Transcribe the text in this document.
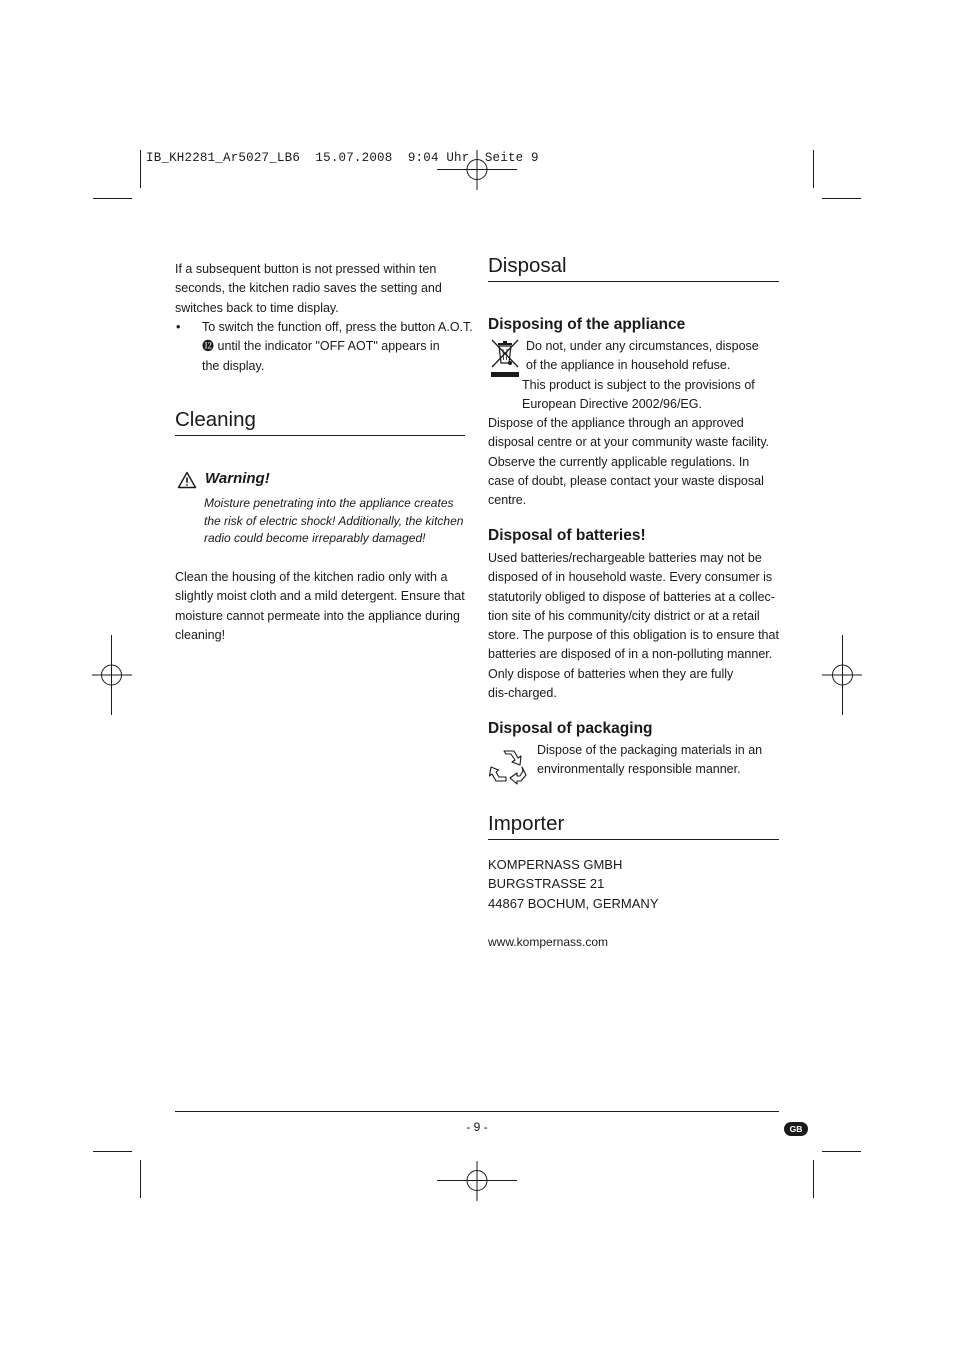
IB_KH2281_Ar5027_LB6  15.07.2008  9:04 Uhr  Seite 9
If a subsequent button is not pressed within ten
seconds, the kitchen radio saves the setting and
switches back to time display.
• To switch the function off, press the button A.O.T.
⓬ until the indicator "OFF AOT" appears in
the display.
Cleaning
Warning!
Moisture penetrating into the appliance creates
the risk of electric shock! Additionally, the kitchen
radio could become irreparably damaged!
Clean the housing of the kitchen radio only with a
slightly moist cloth and a mild detergent. Ensure that
moisture cannot permeate into the appliance during
cleaning!
Disposal
Disposing of the appliance
Do not, under any circumstances, dispose
of the appliance in household refuse.
This product is subject to the provisions of
European Directive 2002/96/EG.
Dispose of the appliance through an approved
disposal centre or at your community waste facility.
Observe the currently applicable regulations. In
case of doubt, please contact your waste disposal
centre.
Disposal of batteries!
Used batteries/rechargeable batteries may not be
disposed of in household waste. Every consumer is
statutorily obliged to dispose of batteries at a collec-
tion site of his community/city district or at a retail
store. The purpose of this obligation is to ensure that
batteries are disposed of in a non-polluting manner.
Only dispose of batteries when they are fully
dis-charged.
Disposal of packaging
Dispose of the packaging materials in an
environmentally responsible manner.
Importer
KOMPERNASS GMBH
BURGSTRASSE 21
44867 BOCHUM, GERMANY
www.kompernass.com
- 9 -	GB
